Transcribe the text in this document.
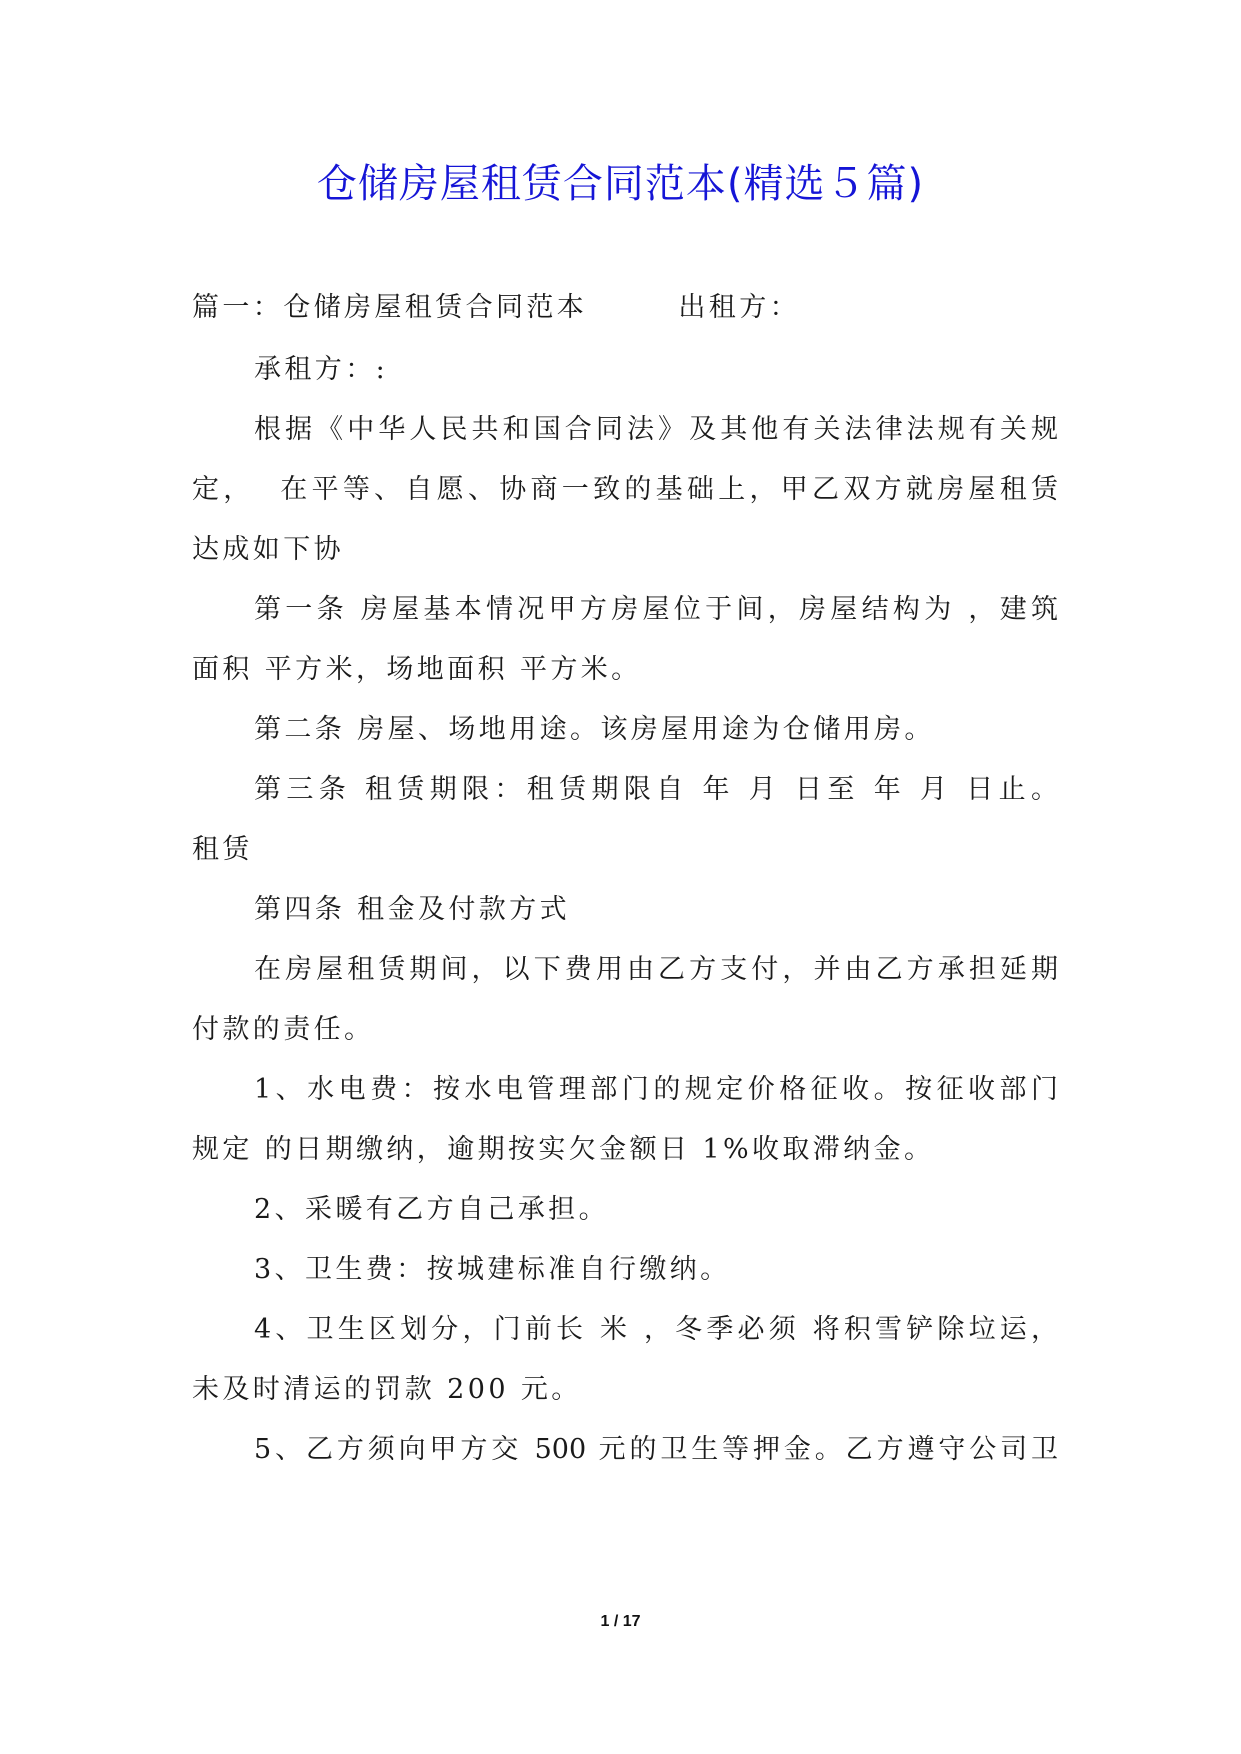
仓储房屋租赁合同范本(精选５篇)
篇一：仓储房屋租赁合同范本　　　出租方：
承租方：:
根据《中华人民共和国合同法》及其他有关法律法规有关规
定，  在平等、自愿、协商一致的基础上，甲乙双方就房屋租赁
达成如下协
第一条 房屋基本情况甲方房屋位于间，房屋结构为 ，建筑
面积 平方米，场地面积 平方米。
第二条 房屋、场地用途。该房屋用途为仓储用房。
第三条 租赁期限：租赁期限自 年 月 日至 年 月 日止。
租赁
第四条 租金及付款方式
在房屋租赁期间，以下费用由乙方支付，并由乙方承担延期
付款的责任。
1、水电费：按水电管理部门的规定价格征收。按征收部门
规定 的日期缴纳，逾期按实欠金额日 1%收取滞纳金。
2、采暖有乙方自己承担。
3、卫生费：按城建标准自行缴纳。
4、卫生区划分，门前长 米 ，冬季必须 将积雪铲除垃运，
未及时清运的罚款 200 元。
5、乙方须向甲方交 500 元的卫生等押金。乙方遵守公司卫
1 / 17
